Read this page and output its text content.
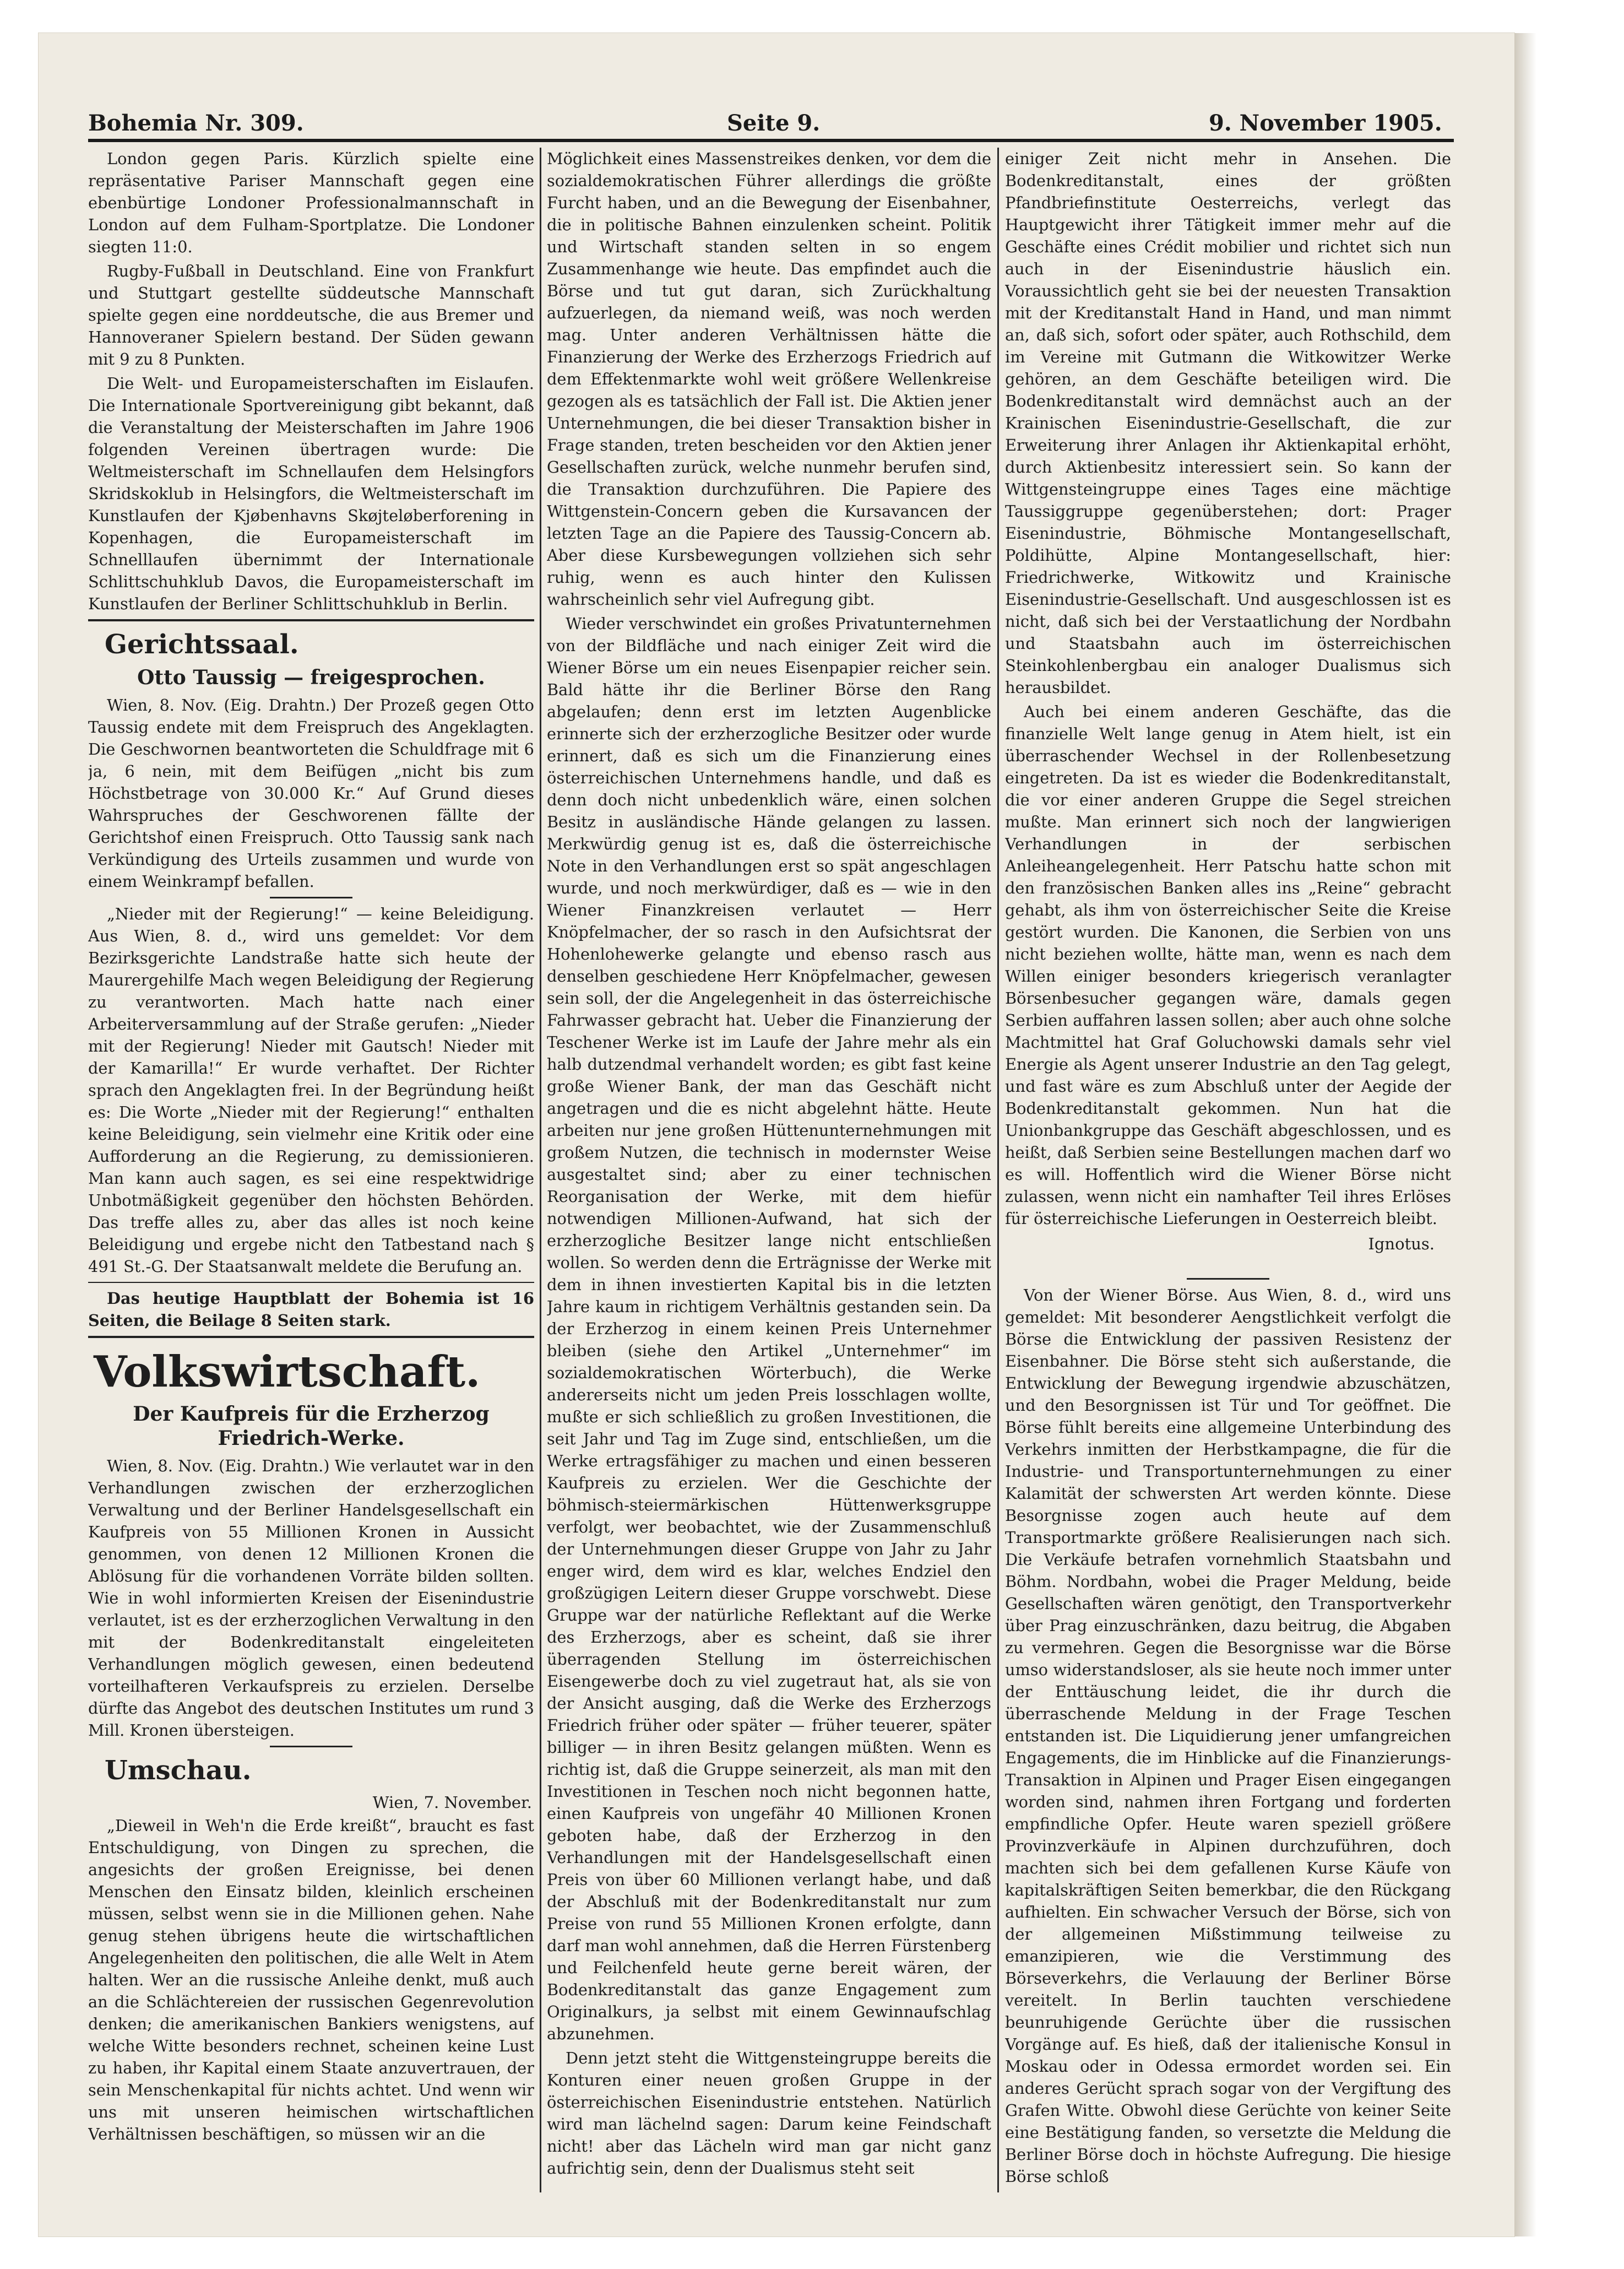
Bohemia Nr. 309.	Seite 9.	9. November 1905.

London gegen Paris. Kürzlich spielte eine repräsentative Pariser Mannschaft gegen eine ebenbürtige Londoner Professionalmannschaft in London auf dem Fulham-Sportplatze. Die Londoner siegten 11:0.

Rugby-Fußball in Deutschland. Eine von Frankfurt und Stuttgart gestellte süddeutsche Mannschaft spielte gegen eine norddeutsche, die aus Bremer und Hannoveraner Spielern bestand. Der Süden gewann mit 9 zu 8 Punkten.

Die Welt- und Europameisterschaften im Eislaufen. Die Internationale Sportvereinigung gibt bekannt, daß die Veranstaltung der Meisterschaften im Jahre 1906 folgenden Vereinen übertragen wurde: Die Weltmeisterschaft im Schnellaufen dem Helsingfors Skridskoklub in Helsingfors, die Weltmeisterschaft im Kunstlaufen der Kjøbenhavns Skøjteløberforening in Kopenhagen, die Europameisterschaft im Schnelllaufen übernimmt der Internationale Schlittschuhklub Davos, die Europameisterschaft im Kunstlaufen der Berliner Schlittschuhklub in Berlin.

Gerichtssaal.
Otto Taussig — freigesprochen.

Wien, 8. Nov. (Eig. Drahtn.) Der Prozeß gegen Otto Taussig endete mit dem Freispruch des Angeklagten. Die Geschwornen beantworteten die Schuldfrage mit 6 ja, 6 nein, mit dem Beifügen „nicht bis zum Höchstbetrage von 30.000 Kr.“ Auf Grund dieses Wahrspruches der Geschworenen fällte der Gerichtshof einen Freispruch. Otto Taussig sank nach Verkündigung des Urteils zusammen und wurde von einem Weinkrampf befallen.

„Nieder mit der Regierung!“ — keine Beleidigung. Aus Wien, 8. d., wird uns gemeldet: Vor dem Bezirksgerichte Landstraße hatte sich heute der Maurergehilfe Mach wegen Beleidigung der Regierung zu verantworten. Mach hatte nach einer Arbeiterversammlung auf der Straße gerufen: „Nieder mit der Regierung! Nieder mit Gautsch! Nieder mit der Kamarilla!“ Er wurde verhaftet. Der Richter sprach den Angeklagten frei. In der Begründung heißt es: Die Worte „Nieder mit der Regierung!“ enthalten keine Beleidigung, sein vielmehr eine Kritik oder eine Aufforderung an die Regierung, zu demissionieren. Man kann auch sagen, es sei eine respektwidrige Unbotmäßigkeit gegenüber den höchsten Behörden. Das treffe alles zu, aber das alles ist noch keine Beleidigung und ergebe nicht den Tatbestand nach § 491 St.-G. Der Staatsanwalt meldete die Berufung an.

Das heutige Hauptblatt der Bohemia ist 16 Seiten, die Beilage 8 Seiten stark.

Volkswirtschaft.
Der Kaufpreis für die Erzherzog Friedrich-Werke.

Wien, 8. Nov. (Eig. Drahtn.) Wie verlautet war in den Verhandlungen zwischen der erzherzoglichen Verwaltung und der Berliner Handelsgesellschaft ein Kaufpreis von 55 Millionen Kronen in Aussicht genommen, von denen 12 Millionen Kronen die Ablösung für die vorhandenen Vorräte bilden sollten. Wie in wohl informierten Kreisen der Eisenindustrie verlautet, ist es der erzherzoglichen Verwaltung in den mit der Bodenkreditanstalt eingeleiteten Verhandlungen möglich gewesen, einen bedeutend vorteilhafteren Verkaufspreis zu erzielen. Derselbe dürfte das Angebot des deutschen Institutes um rund 3 Mill. Kronen übersteigen.

Umschau.
Wien, 7. November.

„Dieweil in Weh'n die Erde kreißt“, braucht es fast Entschuldigung, von Dingen zu sprechen, die angesichts der großen Ereignisse, bei denen Menschen den Einsatz bilden, kleinlich erscheinen müssen, selbst wenn sie in die Millionen gehen. Nahe genug stehen übrigens heute die wirtschaftlichen Angelegenheiten den politischen, die alle Welt in Atem halten. Wer an die russische Anleihe denkt, muß auch an die Schlächtereien der russischen Gegenrevolution denken; die amerikanischen Bankiers wenigstens, auf welche Witte besonders rechnet, scheinen keine Lust zu haben, ihr Kapital einem Staate anzuvertrauen, der sein Menschenkapital für nichts achtet. Und wenn wir uns mit unseren heimischen wirtschaftlichen Verhältnissen beschäftigen, so müssen wir an die

Möglichkeit eines Massenstreikes denken, vor dem die sozialdemokratischen Führer allerdings die größte Furcht haben, und an die Bewegung der Eisenbahner, die in politische Bahnen einzulenken scheint. Politik und Wirtschaft standen selten in so engem Zusammenhange wie heute. Das empfindet auch die Börse und tut gut daran, sich Zurückhaltung aufzuerlegen, da niemand weiß, was noch werden mag. Unter anderen Verhältnissen hätte die Finanzierung der Werke des Erzherzogs Friedrich auf dem Effektenmarkte wohl weit größere Wellenkreise gezogen als es tatsächlich der Fall ist. Die Aktien jener Unternehmungen, die bei dieser Transaktion bisher in Frage standen, treten bescheiden vor den Aktien jener Gesellschaften zurück, welche nunmehr berufen sind, die Transaktion durchzuführen. Die Papiere des Wittgenstein-Concern geben die Kursavancen der letzten Tage an die Papiere des Taussig-Concern ab. Aber diese Kursbewegungen vollziehen sich sehr ruhig, wenn es auch hinter den Kulissen wahrscheinlich sehr viel Aufregung gibt.

Wieder verschwindet ein großes Privatunternehmen von der Bildfläche und nach einiger Zeit wird die Wiener Börse um ein neues Eisenpapier reicher sein. Bald hätte ihr die Berliner Börse den Rang abgelaufen; denn erst im letzten Augenblicke erinnerte sich der erzherzogliche Besitzer oder wurde erinnert, daß es sich um die Finanzierung eines österreichischen Unternehmens handle, und daß es denn doch nicht unbedenklich wäre, einen solchen Besitz in ausländische Hände gelangen zu lassen. Merkwürdig genug ist es, daß die österreichische Note in den Verhandlungen erst so spät angeschlagen wurde, und noch merkwürdiger, daß es — wie in den Wiener Finanzkreisen verlautet — Herr Knöpfelmacher, der so rasch in den Aufsichtsrat der Hohenlohewerke gelangte und ebenso rasch aus denselben geschiedene Herr Knöpfelmacher, gewesen sein soll, der die Angelegenheit in das österreichische Fahrwasser gebracht hat. Ueber die Finanzierung der Teschener Werke ist im Laufe der Jahre mehr als ein halb dutzendmal verhandelt worden; es gibt fast keine große Wiener Bank, der man das Geschäft nicht angetragen und die es nicht abgelehnt hätte. Heute arbeiten nur jene großen Hüttenunternehmungen mit großem Nutzen, die technisch in modernster Weise ausgestaltet sind; aber zu einer technischen Reorganisation der Werke, mit dem hiefür notwendigen Millionen-Aufwand, hat sich der erzherzogliche Besitzer lange nicht entschließen wollen. So werden denn die Erträgnisse der Werke mit dem in ihnen investierten Kapital bis in die letzten Jahre kaum in richtigem Verhältnis gestanden sein. Da der Erzherzog in einem keinen Preis Unternehmer bleiben (siehe den Artikel „Unternehmer“ im sozialdemokratischen Wörterbuch), die Werke andererseits nicht um jeden Preis losschlagen wollte, mußte er sich schließlich zu großen Investitionen, die seit Jahr und Tag im Zuge sind, entschließen, um die Werke ertragsfähiger zu machen und einen besseren Kaufpreis zu erzielen. Wer die Geschichte der böhmisch-steiermärkischen Hüttenwerksgruppe verfolgt, wer beobachtet, wie der Zusammenschluß der Unternehmungen dieser Gruppe von Jahr zu Jahr enger wird, dem wird es klar, welches Endziel den großzügigen Leitern dieser Gruppe vorschwebt. Diese Gruppe war der natürliche Reflektant auf die Werke des Erzherzogs, aber es scheint, daß sie ihrer überragenden Stellung im österreichischen Eisengewerbe doch zu viel zugetraut hat, als sie von der Ansicht ausging, daß die Werke des Erzherzogs Friedrich früher oder später — früher teuerer, später billiger — in ihren Besitz gelangen müßten. Wenn es richtig ist, daß die Gruppe seinerzeit, als man mit den Investitionen in Teschen noch nicht begonnen hatte, einen Kaufpreis von ungefähr 40 Millionen Kronen geboten habe, daß der Erzherzog in den Verhandlungen mit der Handelsgesellschaft einen Preis von über 60 Millionen verlangt habe, und daß der Abschluß mit der Bodenkreditanstalt nur zum Preise von rund 55 Millionen Kronen erfolgte, dann darf man wohl annehmen, daß die Herren Fürstenberg und Feilchenfeld heute gerne bereit wären, der Bodenkreditanstalt das ganze Engagement zum Originalkurs, ja selbst mit einem Gewinnaufschlag abzunehmen.

Denn jetzt steht die Wittgensteingruppe bereits die Konturen einer neuen großen Gruppe in der österreichischen Eisenindustrie entstehen. Natürlich wird man lächelnd sagen: Darum keine Feindschaft nicht! aber das Lächeln wird man gar nicht ganz aufrichtig sein, denn der Dualismus steht seit

einiger Zeit nicht mehr in Ansehen. Die Bodenkreditanstalt, eines der größten Pfandbriefinstitute Oesterreichs, verlegt das Hauptgewicht ihrer Tätigkeit immer mehr auf die Geschäfte eines Crédit mobilier und richtet sich nun auch in der Eisenindustrie häuslich ein. Voraussichtlich geht sie bei der neuesten Transaktion mit der Kreditanstalt Hand in Hand, und man nimmt an, daß sich, sofort oder später, auch Rothschild, dem im Vereine mit Gutmann die Witkowitzer Werke gehören, an dem Geschäfte beteiligen wird. Die Bodenkreditanstalt wird demnächst auch an der Krainischen Eisenindustrie-Gesellschaft, die zur Erweiterung ihrer Anlagen ihr Aktienkapital erhöht, durch Aktienbesitz interessiert sein. So kann der Wittgensteingruppe eines Tages eine mächtige Taussiggruppe gegenüberstehen; dort: Prager Eisenindustrie, Böhmische Montangesellschaft, Poldihütte, Alpine Montangesellschaft, hier: Friedrichwerke, Witkowitz und Krainische Eisenindustrie-Gesellschaft. Und ausgeschlossen ist es nicht, daß sich bei der Verstaatlichung der Nordbahn und Staatsbahn auch im österreichischen Steinkohlenbergbau ein analoger Dualismus sich herausbildet.

Auch bei einem anderen Geschäfte, das die finanzielle Welt lange genug in Atem hielt, ist ein überraschender Wechsel in der Rollenbesetzung eingetreten. Da ist es wieder die Bodenkreditanstalt, die vor einer anderen Gruppe die Segel streichen mußte. Man erinnert sich noch der langwierigen Verhandlungen in der serbischen Anleiheangelegenheit. Herr Patschu hatte schon mit den französischen Banken alles ins „Reine“ gebracht gehabt, als ihm von österreichischer Seite die Kreise gestört wurden. Die Kanonen, die Serbien von uns nicht beziehen wollte, hätte man, wenn es nach dem Willen einiger besonders kriegerisch veranlagter Börsenbesucher gegangen wäre, damals gegen Serbien auffahren lassen sollen; aber auch ohne solche Machtmittel hat Graf Goluchowski damals sehr viel Energie als Agent unserer Industrie an den Tag gelegt, und fast wäre es zum Abschluß unter der Aegide der Bodenkreditanstalt gekommen. Nun hat die Unionbankgruppe das Geschäft abgeschlossen, und es heißt, daß Serbien seine Bestellungen machen darf wo es will. Hoffentlich wird die Wiener Börse nicht zulassen, wenn nicht ein namhafter Teil ihres Erlöses für österreichische Lieferungen in Oesterreich bleibt.

Ignotus.

Von der Wiener Börse. Aus Wien, 8. d., wird uns gemeldet: Mit besonderer Aengstlichkeit verfolgt die Börse die Entwicklung der passiven Resistenz der Eisenbahner. Die Börse steht sich außerstande, die Entwicklung der Bewegung irgendwie abzuschätzen, und den Besorgnissen ist Tür und Tor geöffnet. Die Börse fühlt bereits eine allgemeine Unterbindung des Verkehrs inmitten der Herbstkampagne, die für die Industrie- und Transportunternehmungen zu einer Kalamität der schwersten Art werden könnte. Diese Besorgnisse zogen auch heute auf dem Transportmarkte größere Realisierungen nach sich. Die Verkäufe betrafen vornehmlich Staatsbahn und Böhm. Nordbahn, wobei die Prager Meldung, beide Gesellschaften wären genötigt, den Transportverkehr über Prag einzuschränken, dazu beitrug, die Abgaben zu vermehren. Gegen die Besorgnisse war die Börse umso widerstandsloser, als sie heute noch immer unter der Enttäuschung leidet, die ihr durch die überraschende Meldung in der Frage Teschen entstanden ist. Die Liquidierung jener umfangreichen Engagements, die im Hinblicke auf die Finanzierungs-Transaktion in Alpinen und Prager Eisen eingegangen worden sind, nahmen ihren Fortgang und forderten empfindliche Opfer. Heute waren speziell größere Provinzverkäufe in Alpinen durchzuführen, doch machten sich bei dem gefallenen Kurse Käufe von kapitalskräftigen Seiten bemerkbar, die den Rückgang aufhielten. Ein schwacher Versuch der Börse, sich von der allgemeinen Mißstimmung teilweise zu emanzipieren, wie die Verstimmung des Börseverkehrs, die Verlauung der Berliner Börse vereitelt. In Berlin tauchten verschiedene beunruhigende Gerüchte über die russischen Vorgänge auf. Es hieß, daß der italienische Konsul in Moskau oder in Odessa ermordet worden sei. Ein anderes Gerücht sprach sogar von der Vergiftung des Grafen Witte. Obwohl diese Gerüchte von keiner Seite eine Bestätigung fanden, so versetzte die Meldung die Berliner Börse doch in höchste Aufregung. Die hiesige Börse schloß
